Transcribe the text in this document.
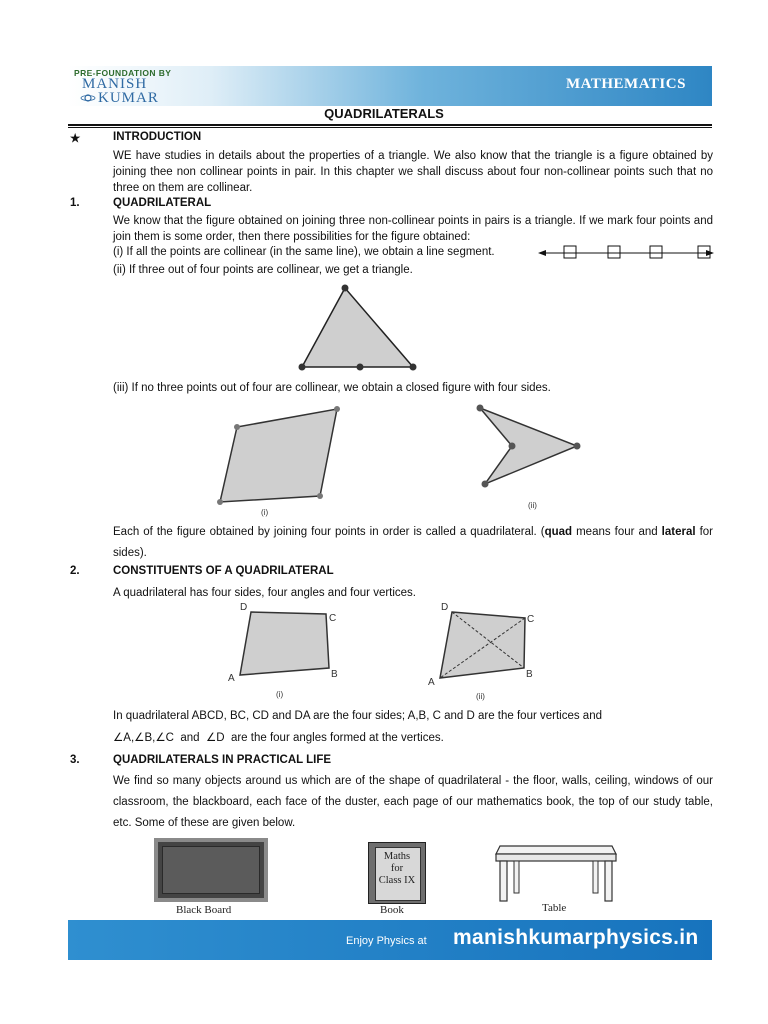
PRE-FOUNDATION BY
MANISH
KUMAR
MATHEMATICS
QUADRILATERALS
★	INTRODUCTION
WE have studies in details about the properties of a triangle. We also know that the triangle is a figure obtained by joining thee non collinear points in pair. In this chapter we shall discuss about four non-collinear points such that no three on them are collinear.
1.	QUADRILATERAL
We know that the figure obtained on joining three non-collinear points in pairs is a triangle. If we mark four points and join them is some order, then there possibilities for the figure obtained:
(i) If all the points are collinear (in the same line), we obtain a line segment.
(ii) If three out of four points are collinear, we get a triangle.
(iii) If no three points out of four are collinear, we obtain a closed figure with four sides.
(i)
(ii)
Each of the figure obtained by joining four points in order is called a quadrilateral. (quad means four and lateral for sides).
2.	CONSTITUENTS OF A QUADRILATERAL
A quadrilateral has four sides, four angles and four vertices.
D
C
B
A
(i)
D
C
B
A
(ii)
In quadrilateral ABCD, BC, CD and DA are the four sides; A,B, C and D are the four vertices and
∠A,∠B,∠C and ∠D are the four angles formed at the vertices.
3.	QUADRILATERALS IN PRACTICAL LIFE
We find so many objects around us which are of the shape of quadrilateral - the floor, walls, ceiling, windows of our classroom, the blackboard, each face of the duster, each page of our mathematics book, the top of our study table, etc. Some of these are given below.
Black Board
Maths
for
Class IX
Book	Table
Enjoy Physics at manishkumarphysics.in
